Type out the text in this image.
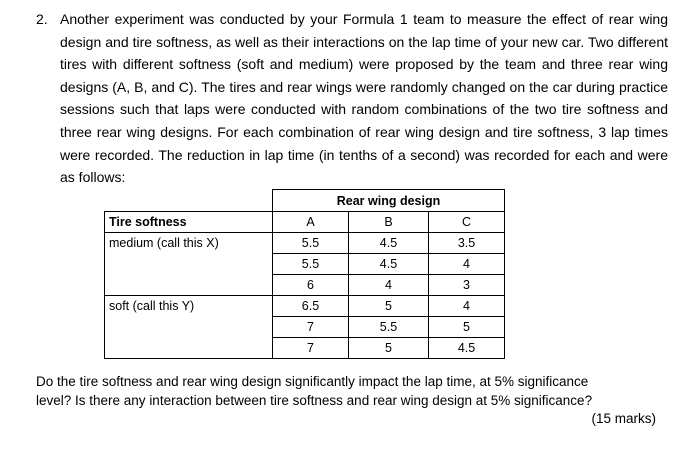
2. Another experiment was conducted by your Formula 1 team to measure the effect of rear wing design and tire softness, as well as their interactions on the lap time of your new car. Two different tires with different softness (soft and medium) were proposed by the team and three rear wing designs (A, B, and C). The tires and rear wings were randomly changed on the car during practice sessions such that laps were conducted with random combinations of the two tire softness and three rear wing designs. For each combination of rear wing design and tire softness, 3 lap times were recorded. The reduction in lap time (in tenths of a second) was recorded for each and were as follows:
	Rear wing design		
Tire softness	A	B	C
medium (call this X)	5.5	4.5	3.5
	5.5	4.5	4
	6	4	3
soft (call this Y)	6.5	5	4
	7	5.5	5
	7	5	4.5
Do the tire softness and rear wing design significantly impact the lap time, at 5% significance
level? Is there any interaction between tire softness and rear wing design at 5% significance?
(15 marks)
